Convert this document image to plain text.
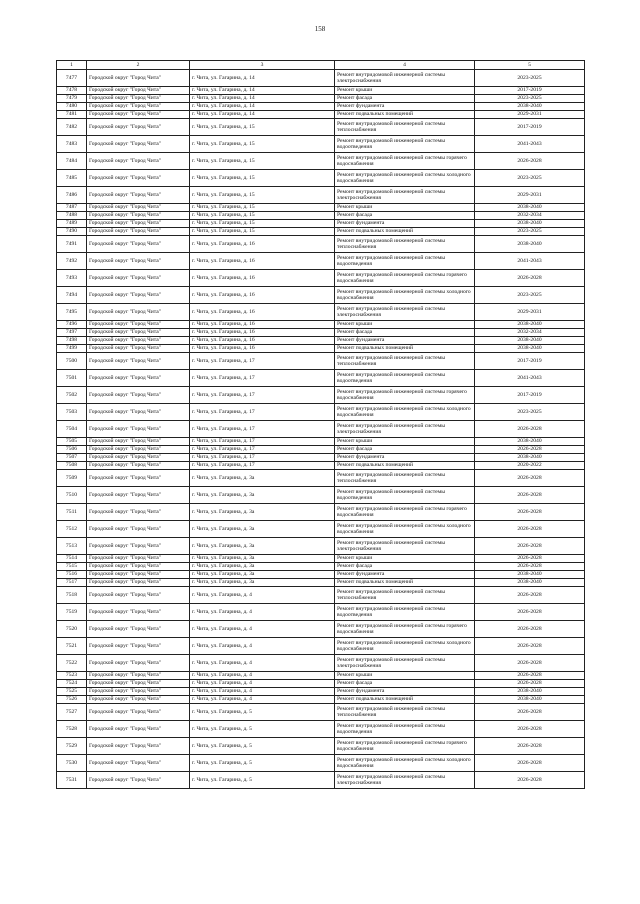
158
1	2	3	4	5
7477	Городской округ "Город Чита"	г. Чита, ул. Гагарина, д. 14	Ремонт внутридомовой инженерной системы электроснабжения	2023-2025
7478	Городской округ "Город Чита"	г. Чита, ул. Гагарина, д. 14	Ремонт крыши	2017-2019
7479	Городской округ "Город Чита"	г. Чита, ул. Гагарина, д. 14	Ремонт фасада	2023-2025
7480	Городской округ "Город Чита"	г. Чита, ул. Гагарина, д. 14	Ремонт фундамента	2038-2040
7481	Городской округ "Город Чита"	г. Чита, ул. Гагарина, д. 14	Ремонт подвальных помещений	2029-2031
7482	Городской округ "Город Чита"	г. Чита, ул. Гагарина, д. 15	Ремонт внутридомовой инженерной системы теплоснабжения	2017-2019
7483	Городской округ "Город Чита"	г. Чита, ул. Гагарина, д. 15	Ремонт внутридомовой инженерной системы водоотведения	2041-2043
7484	Городской округ "Город Чита"	г. Чита, ул. Гагарина, д. 15	Ремонт внутридомовой инженерной системы горячего водоснабжения	2026-2028
7485	Городской округ "Город Чита"	г. Чита, ул. Гагарина, д. 15	Ремонт внутридомовой инженерной системы холодного водоснабжения	2023-2025
7486	Городской округ "Город Чита"	г. Чита, ул. Гагарина, д. 15	Ремонт внутридомовой инженерной системы электроснабжения	2029-2031
7487	Городской округ "Город Чита"	г. Чита, ул. Гагарина, д. 15	Ремонт крыши	2038-2040
7488	Городской округ "Город Чита"	г. Чита, ул. Гагарина, д. 15	Ремонт фасада	2032-2034
7489	Городской округ "Город Чита"	г. Чита, ул. Гагарина, д. 15	Ремонт фундамента	2038-2040
7490	Городской округ "Город Чита"	г. Чита, ул. Гагарина, д. 15	Ремонт подвальных помещений	2023-2025
7491	Городской округ "Город Чита"	г. Чита, ул. Гагарина, д. 16	Ремонт внутридомовой инженерной системы теплоснабжения	2038-2040
7492	Городской округ "Город Чита"	г. Чита, ул. Гагарина, д. 16	Ремонт внутридомовой инженерной системы водоотведения	2041-2043
7493	Городской округ "Город Чита"	г. Чита, ул. Гагарина, д. 16	Ремонт внутридомовой инженерной системы горячего водоснабжения	2026-2028
7494	Городской округ "Город Чита"	г. Чита, ул. Гагарина, д. 16	Ремонт внутридомовой инженерной системы холодного водоснабжения	2023-2025
7495	Городской округ "Город Чита"	г. Чита, ул. Гагарина, д. 16	Ремонт внутридомовой инженерной системы электроснабжения	2029-2031
7496	Городской округ "Город Чита"	г. Чита, ул. Гагарина, д. 16	Ремонт крыши	2038-2040
7497	Городской округ "Город Чита"	г. Чита, ул. Гагарина, д. 16	Ремонт фасада	2032-2034
7498	Городской округ "Город Чита"	г. Чита, ул. Гагарина, д. 16	Ремонт фундамента	2038-2040
7499	Городской округ "Город Чита"	г. Чита, ул. Гагарина, д. 16	Ремонт подвальных помещений	2038-2040
7500	Городской округ "Город Чита"	г. Чита, ул. Гагарина, д. 17	Ремонт внутридомовой инженерной системы теплоснабжения	2017-2019
7501	Городской округ "Город Чита"	г. Чита, ул. Гагарина, д. 17	Ремонт внутридомовой инженерной системы водоотведения	2041-2043
7502	Городской округ "Город Чита"	г. Чита, ул. Гагарина, д. 17	Ремонт внутридомовой инженерной системы горячего водоснабжения	2017-2019
7503	Городской округ "Город Чита"	г. Чита, ул. Гагарина, д. 17	Ремонт внутридомовой инженерной системы холодного водоснабжения	2023-2025
7504	Городской округ "Город Чита"	г. Чита, ул. Гагарина, д. 17	Ремонт внутридомовой инженерной системы электроснабжения	2026-2028
7505	Городской округ "Город Чита"	г. Чита, ул. Гагарина, д. 17	Ремонт крыши	2038-2040
7506	Городской округ "Город Чита"	г. Чита, ул. Гагарина, д. 17	Ремонт фасада	2026-2028
7507	Городской округ "Город Чита"	г. Чита, ул. Гагарина, д. 17	Ремонт фундамента	2038-2040
7508	Городской округ "Город Чита"	г. Чита, ул. Гагарина, д. 17	Ремонт подвальных помещений	2020-2022
7509	Городской округ "Город Чита"	г. Чита, ул. Гагарина, д. 3а	Ремонт внутридомовой инженерной системы теплоснабжения	2026-2028
7510	Городской округ "Город Чита"	г. Чита, ул. Гагарина, д. 3а	Ремонт внутридомовой инженерной системы водоотведения	2026-2028
7511	Городской округ "Город Чита"	г. Чита, ул. Гагарина, д. 3а	Ремонт внутридомовой инженерной системы горячего водоснабжения	2026-2028
7512	Городской округ "Город Чита"	г. Чита, ул. Гагарина, д. 3а	Ремонт внутридомовой инженерной системы холодного водоснабжения	2026-2028
7513	Городской округ "Город Чита"	г. Чита, ул. Гагарина, д. 3а	Ремонт внутридомовой инженерной системы электроснабжения	2026-2028
7514	Городской округ "Город Чита"	г. Чита, ул. Гагарина, д. 3а	Ремонт крыши	2026-2028
7515	Городской округ "Город Чита"	г. Чита, ул. Гагарина, д. 3а	Ремонт фасада	2026-2028
7516	Городской округ "Город Чита"	г. Чита, ул. Гагарина, д. 3а	Ремонт фундамента	2038-2040
7517	Городской округ "Город Чита"	г. Чита, ул. Гагарина, д. 3а	Ремонт подвальных помещений	2038-2040
7518	Городской округ "Город Чита"	г. Чита, ул. Гагарина, д. 4	Ремонт внутридомовой инженерной системы теплоснабжения	2026-2028
7519	Городской округ "Город Чита"	г. Чита, ул. Гагарина, д. 4	Ремонт внутридомовой инженерной системы водоотведения	2026-2028
7520	Городской округ "Город Чита"	г. Чита, ул. Гагарина, д. 4	Ремонт внутридомовой инженерной системы горячего водоснабжения	2026-2028
7521	Городской округ "Город Чита"	г. Чита, ул. Гагарина, д. 4	Ремонт внутридомовой инженерной системы холодного водоснабжения	2026-2028
7522	Городской округ "Город Чита"	г. Чита, ул. Гагарина, д. 4	Ремонт внутридомовой инженерной системы электроснабжения	2026-2028
7523	Городской округ "Город Чита"	г. Чита, ул. Гагарина, д. 4	Ремонт крыши	2026-2028
7524	Городской округ "Город Чита"	г. Чита, ул. Гагарина, д. 4	Ремонт фасада	2026-2028
7525	Городской округ "Город Чита"	г. Чита, ул. Гагарина, д. 4	Ремонт фундамента	2038-2040
7526	Городской округ "Город Чита"	г. Чита, ул. Гагарина, д. 4	Ремонт подвальных помещений	2038-2040
7527	Городской округ "Город Чита"	г. Чита, ул. Гагарина, д. 5	Ремонт внутридомовой инженерной системы теплоснабжения	2026-2028
7528	Городской округ "Город Чита"	г. Чита, ул. Гагарина, д. 5	Ремонт внутридомовой инженерной системы водоотведения	2026-2028
7529	Городской округ "Город Чита"	г. Чита, ул. Гагарина, д. 5	Ремонт внутридомовой инженерной системы горячего водоснабжения	2026-2028
7530	Городской округ "Город Чита"	г. Чита, ул. Гагарина, д. 5	Ремонт внутридомовой инженерной системы холодного водоснабжения	2026-2028
7531	Городской округ "Город Чита"	г. Чита, ул. Гагарина, д. 5	Ремонт внутридомовой инженерной системы электроснабжения	2026-2028
